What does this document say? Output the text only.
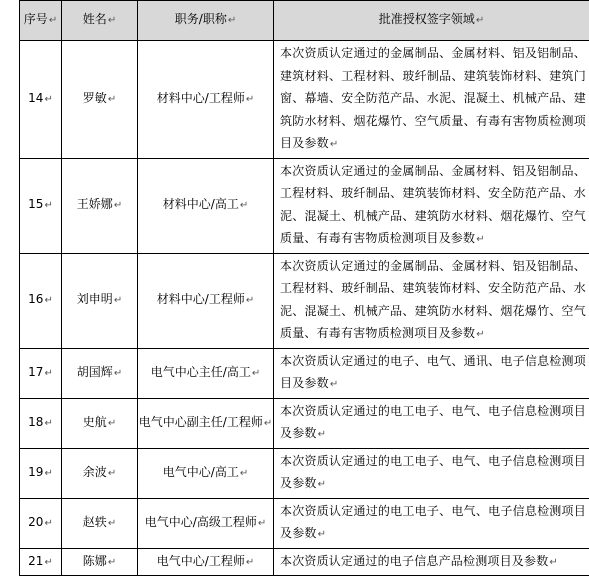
序号↵	姓名↵	职务/职称↵	批准授权签字领域↵
14↵	罗敏↵	材料中心/工程师↵	本次资质认定通过的金属制品、金属材料、铝及铝制品、建筑材料、工程材料、玻纤制品、建筑装饰材料、建筑门窗、幕墙、安全防范产品、水泥、混凝土、机械产品、建筑防水材料、烟花爆竹、空气质量、有毒有害物质检测项目及参数↵
15↵	王娇娜↵	材料中心/高工↵	本次资质认定通过的金属制品、金属材料、铝及铝制品、工程材料、玻纤制品、建筑装饰材料、安全防范产品、水泥、混凝土、机械产品、建筑防水材料、烟花爆竹、空气质量、有毒有害物质检测项目及参数↵
16↵	刘申明↵	材料中心/工程师↵	本次资质认定通过的金属制品、金属材料、铝及铝制品、工程材料、玻纤制品、建筑装饰材料、安全防范产品、水泥、混凝土、机械产品、建筑防水材料、烟花爆竹、空气质量、有毒有害物质检测项目及参数↵
17↵	胡国辉↵	电气中心主任/高工↵	本次资质认定通过的电子、电气、通讯、电子信息检测项目及参数↵
18↵	史航↵	电气中心副主任/工程师↵	本次资质认定通过的电工电子、电气、电子信息检测项目及参数↵
19↵	余波↵	电气中心/高工↵	本次资质认定通过的电工电子、电气、电子信息检测项目及参数↵
20↵	赵轶↵	电气中心/高级工程师↵	本次资质认定通过的电工电子、电气、电子信息检测项目及参数↵
21↵	陈娜↵	电气中心/工程师↵	本次资质认定通过的电子信息产品检测项目及参数↵
